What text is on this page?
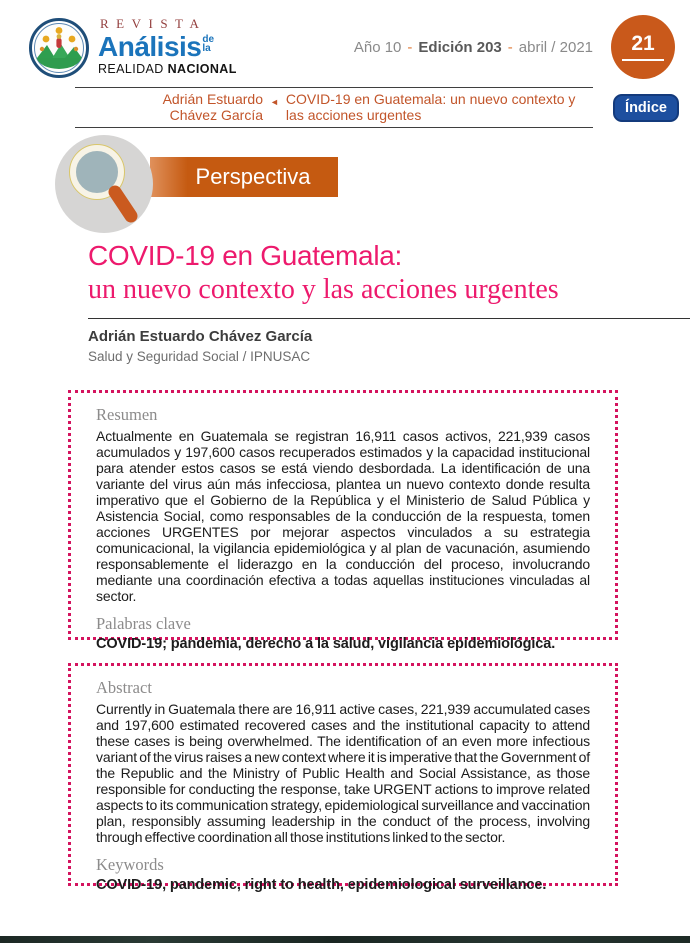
REVISTA
Análisis de
la
REALIDAD NACIONAL
Año 10 - Edición 203 - abril / 2021 21
Índice
Adrián Estuardo
Chávez García
◄ COVID-19 en Guatemala: un nuevo contexto y
las acciones urgentes
Perspectiva
COVID-19 en Guatemala:
un nuevo contexto y las acciones urgentes
Adrián Estuardo Chávez García
Salud y Seguridad Social / IPNUSAC
Resumen
Actualmente en Guatemala se registran 16,911 casos activos, 221,939 casos acumulados y 197,600 casos recuperados estimados y la capacidad institucional para atender estos casos se está viendo desbordada. La identificación de una variante del virus aún más infecciosa, plantea un nuevo contexto donde resulta imperativo que el Gobierno de la República y el Ministerio de Salud Pública y Asistencia Social, como responsables de la conducción de la respuesta, tomen acciones URGENTES por mejorar aspectos vinculados a su estrategia comunicacional, la vigilancia epidemiológica y al plan de vacunación, asumiendo responsablemente el liderazgo en la conducción del proceso, involucrando mediante una coordinación efectiva a todas aquellas instituciones vinculadas al sector.
Palabras clave
COVID-19; pandemia, derecho a la salud, vigilancia epidemiológica.
Abstract
Currently in Guatemala there are 16,911 active cases, 221,939 accumulated cases and 197,600 estimated recovered cases and the institutional capacity to attend these cases is being overwhelmed. The identification of an even more infectious variant of the virus raises a new context where it is imperative that the Government of the Republic and the Ministry of Public Health and Social Assistance, as those responsible for conducting the response, take URGENT actions to improve related aspects to its communication strategy, epidemiological surveillance and vaccination plan, responsibly assuming leadership in the conduct of the process, involving through effective coordination all those institutions linked to the sector.
Keywords
COVID-19, pandemic, right to health, epidemiological surveillance.
